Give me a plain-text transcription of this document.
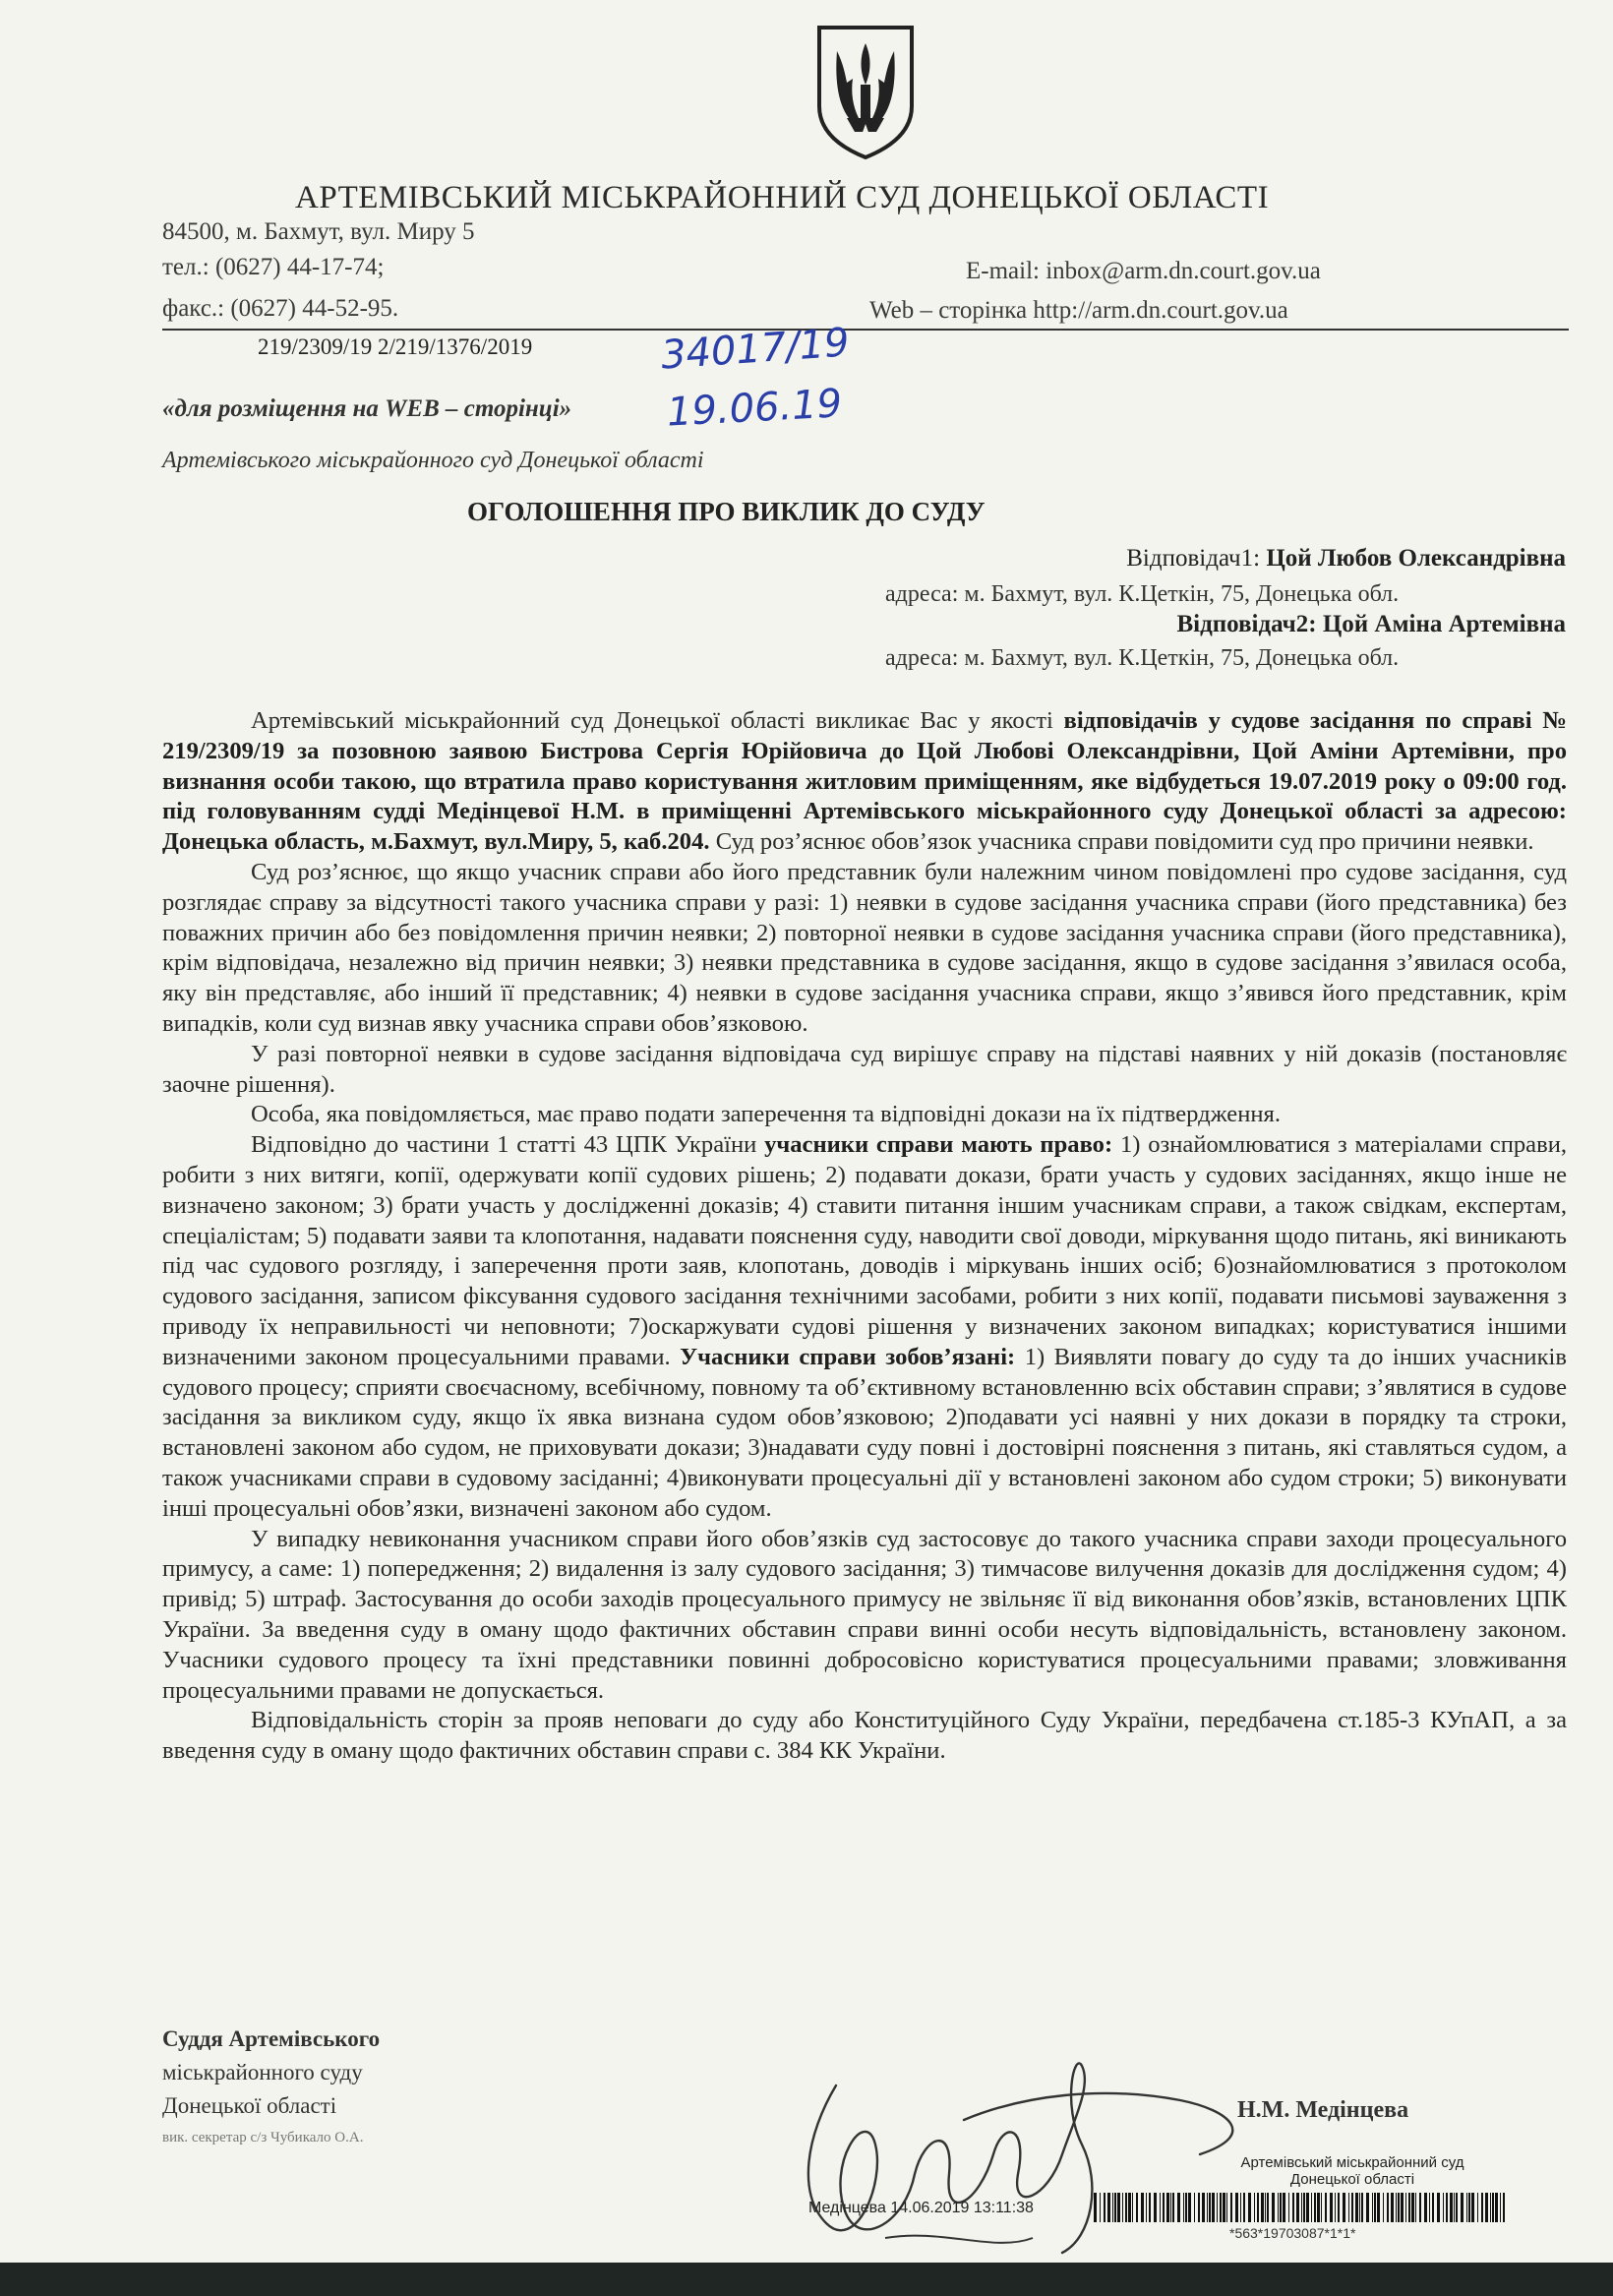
АРТЕМІВСЬКИЙ МІСЬКРАЙОННИЙ СУД ДОНЕЦЬКОЇ ОБЛАСТІ
84500, м. Бахмут, вул. Миру 5
тел.: (0627) 44-17-74;
факс.: (0627) 44-52-95.
E-mail: inbox@arm.dn.court.gov.ua
Web – сторінка http://arm.dn.court.gov.ua
219/2309/19 2/219/1376/2019	34017/19
«для розміщення на WEB – сторінці» 19.06.19
Артемівського міськрайонного суд Донецької області
ОГОЛОШЕННЯ ПРО ВИКЛИК ДО СУДУ
Відповідач1: Цой Любов Олександрівна
адреса: м. Бахмут, вул. К.Цеткін, 75, Донецька обл.
Відповідач2: Цой Аміна Артемівна
адреса: м. Бахмут, вул. К.Цеткін, 75, Донецька обл.

Артемівський міськрайонний суд Донецької області викликає Вас у якості відповідачів у судове засідання по справі № 219/2309/19 за позовною заявою Бистрова Сергія Юрійовича до Цой Любові Олександрівни, Цой Аміни Артемівни, про визнання особи такою, що втратила право користування житловим приміщенням, яке відбудеться 19.07.2019 року о 09:00 год. під головуванням судді Медінцевої Н.М. в приміщенні Артемівського міськрайонного суду Донецької області за адресою: Донецька область, м.Бахмут, вул.Миру, 5, каб.204. Суд роз’яснює обов’язок учасника справи повідомити суд про причини неявки.

Суд роз’яснює, що якщо учасник справи або його представник були належним чином повідомлені про судове засідання, суд розглядає справу за відсутності такого учасника справи у разі: 1) неявки в судове засідання учасника справи (його представника) без поважних причин або без повідомлення причин неявки; 2) повторної неявки в судове засідання учасника справи (його представника), крім відповідача, незалежно від причин неявки; 3) неявки представника в судове засідання, якщо в судове засідання з’явилася особа, яку він представляє, або інший її представник; 4) неявки в судове засідання учасника справи, якщо з’явився його представник, крім випадків, коли суд визнав явку учасника справи обов’язковою.

У разі повторної неявки в судове засідання відповідача суд вирішує справу на підставі наявних у ній доказів (постановляє заочне рішення).

Особа, яка повідомляється, має право подати заперечення та відповідні докази на їх підтвердження.

Відповідно до частини 1 статті 43 ЦПК України учасники справи мають право: 1) ознайомлюватися з матеріалами справи, робити з них витяги, копії, одержувати копії судових рішень; 2) подавати докази, брати участь у судових засіданнях, якщо інше не визначено законом; 3) брати участь у дослідженні доказів; 4) ставити питання іншим учасникам справи, а також свідкам, експертам, спеціалістам; 5) подавати заяви та клопотання, надавати пояснення суду, наводити свої доводи, міркування щодо питань, які виникають під час судового розгляду, і заперечення проти заяв, клопотань, доводів і міркувань інших осіб; 6)ознайомлюватися з протоколом судового засідання, записом фіксування судового засідання технічними засобами, робити з них копії, подавати письмові зауваження з приводу їх неправильності чи неповноти; 7)оскаржувати судові рішення у визначених законом випадках; користуватися іншими визначеними законом процесуальними правами. Учасники справи зобов’язані: 1) Виявляти повагу до суду та до інших учасників судового процесу; сприяти своєчасному, всебічному, повному та об’єктивному встановленню всіх обставин справи; з’являтися в судове засідання за викликом суду, якщо їх явка визнана судом обов’язковою; 2)подавати усі наявні у них докази в порядку та строки, встановлені законом або судом, не приховувати докази; 3)надавати суду повні і достовірні пояснення з питань, які ставляться судом, а також учасниками справи в судовому засіданні; 4)виконувати процесуальні дії у встановлені законом або судом строки; 5) виконувати інші процесуальні обов’язки, визначені законом або судом.

У випадку невиконання учасником справи його обов’язків суд застосовує до такого учасника справи заходи процесуального примусу, а саме: 1) попередження; 2) видалення із залу судового засідання; 3) тимчасове вилучення доказів для дослідження судом; 4) привід; 5) штраф. Застосування до особи заходів процесуального примусу не звільняє її від виконання обов’язків, встановлених ЦПК України. За введення суду в оману щодо фактичних обставин справи винні особи несуть відповідальність, встановлену законом. Учасники судового процесу та їхні представники повинні добросовісно користуватися процесуальними правами; зловживання процесуальними правами не допускається.

Відповідальність сторін за прояв неповаги до суду або Конституційного Суду України, передбачена ст.185-3 КУпАП, а за введення суду в оману щодо фактичних обставин справи с. 384 КК України.

Суддя Артемівського
міськрайонного суду
Донецької області
вик. секретар с/з Чубикало О.А.
Н.М. Медінцева
Артемівський міськрайонний суд
Донецької області
Медінцева 14.06.2019 13:11:38
*563*19703087*1*1*
